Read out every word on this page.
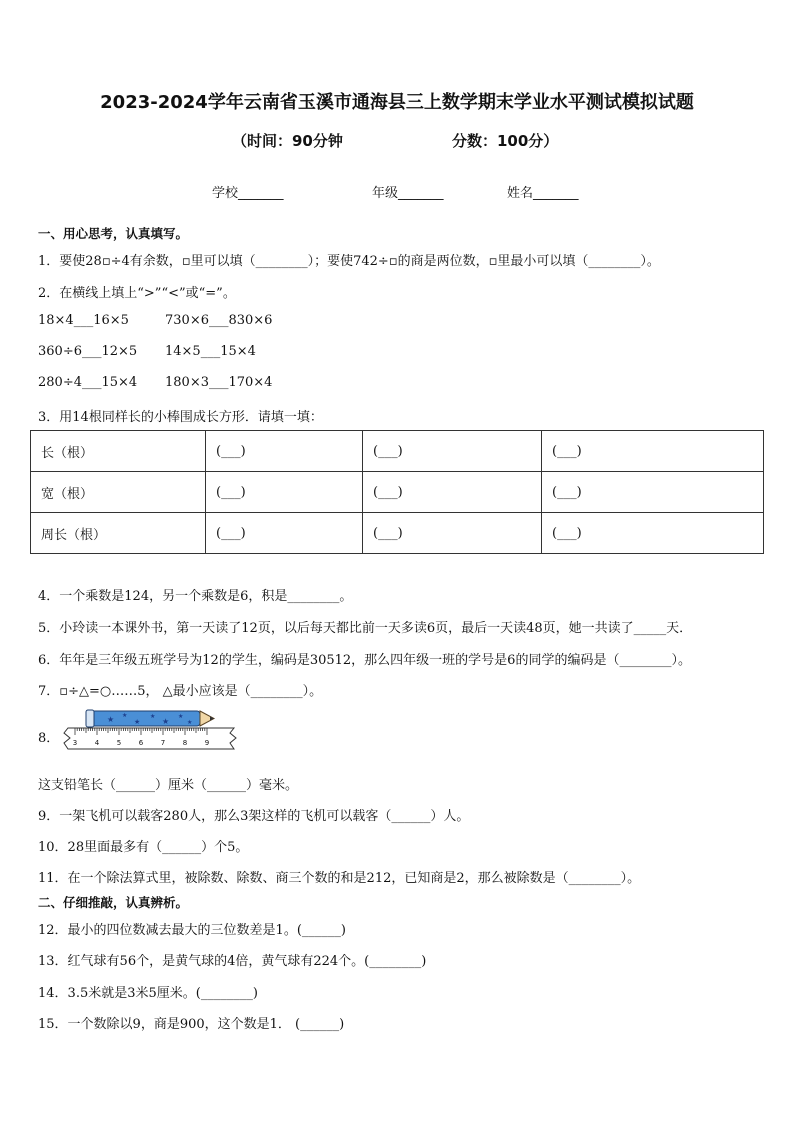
2023-2024学年云南省玉溪市通海县三上数学期末学业水平测试模拟试题
（时间：90分钟	分数：100分）
学校_______	年级_______	姓名_______
一、用心思考，认真填写。
1．要使28▫÷4有余数，▫里可以填（________）；要使742÷▫的商是两位数，▫里最小可以填（________）。
2．在横线上填上“>”“<”或“=”。
18×4___16×5	730×6___830×6
360÷6___12×5 14×5___15×4
280÷4___15×4 180×3___170×4
3．用14根同样长的小棒围成长方形．请填一填：
长（根）	(___)	(___)	(___)
宽（根）	(___)	(___)	(___)
周长（根）	(___)	(___)	(___)
4．一个乘数是124，另一个乘数是6，积是________。
5．小玲读一本课外书，第一天读了12页，以后每天都比前一天多读6页，最后一天读48页，她一共读了_____天．
6．年年是三年级五班学号为12的学生，编码是30512，那么四年级一班的学号是6的同学的编码是（________）。
7．▫÷△=○……5， △最小应该是（________）。
8．
★ ★
★
★
★
★
★
3	4	5	6	7	8	9
这支铅笔长（______）厘米（______）毫米。
9．一架飞机可以载客280人，那么3架这样的飞机可以载客（______）人。
10．28里面最多有（______）个5。
11．在一个除法算式里，被除数、除数、商三个数的和是212，已知商是2，那么被除数是（________）。
二、仔细推敲，认真辨析。
12．最小的四位数减去最大的三位数差是1。(______)
13．红气球有56个，是黄气球的4倍，黄气球有224个。(________)
14．3.5米就是3米5厘米。(________)
15．一个数除以9，商是900，这个数是1． (______)
